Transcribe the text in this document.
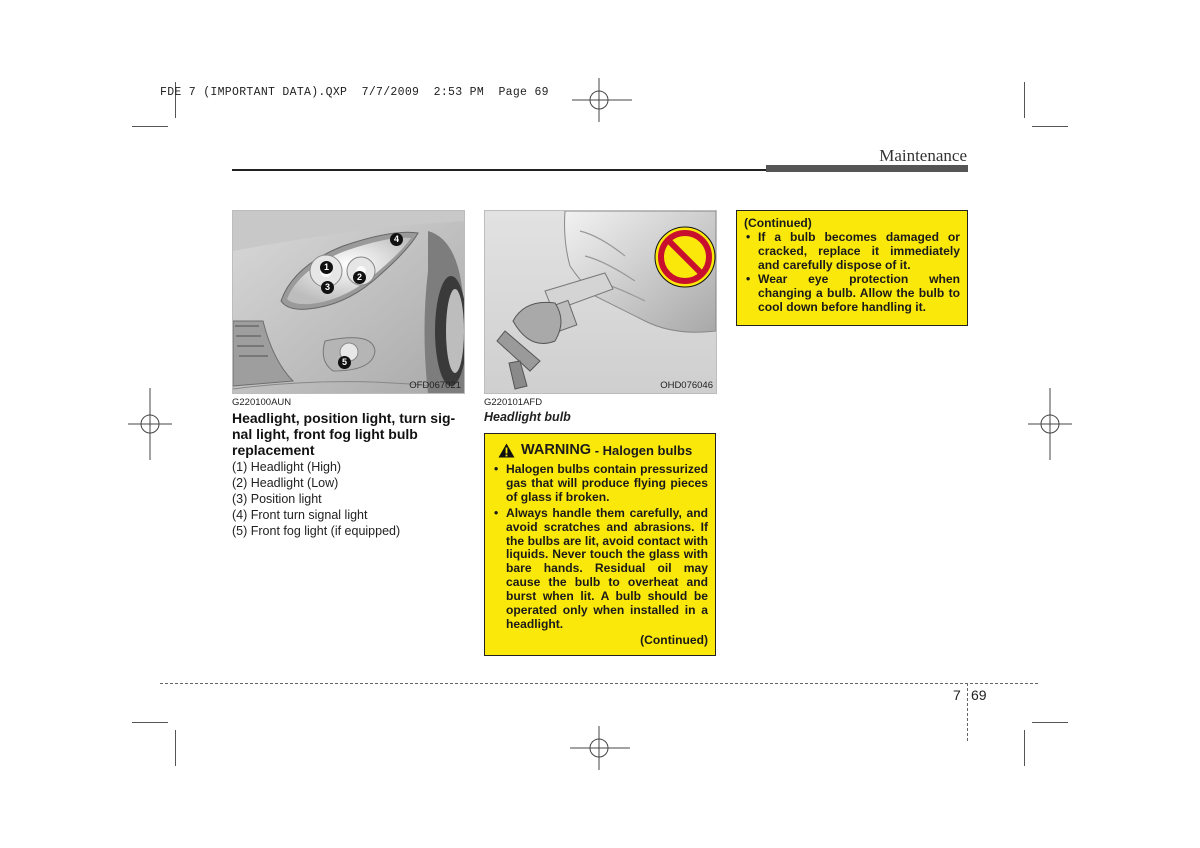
FDE 7 (IMPORTANT DATA).QXP  7/7/2009  2:53 PM  Page 69
Maintenance
1
2
3
4
5
OFD067021	OHD076046
G220100AUN
Headlight, position light, turn sig-
nal light, front fog light bulb
replacement
(1) Headlight (High)
(2) Headlight (Low)
(3) Position light
(4) Front turn signal light
(5) Front fog light (if equipped)
G220101AFD
Headlight bulb
WARNING - Halogen bulbs
• Halogen bulbs contain pressurized gas that will produce flying pieces of glass if broken.
• Always handle them carefully, and avoid scratches and abrasions. If the bulbs are lit, avoid contact with liquids. Never touch the glass with bare hands. Residual oil may cause the bulb to overheat and burst when lit. A bulb should be operated only when installed in a headlight.
(Continued)
(Continued)
• If a bulb becomes damaged or cracked, replace it immediately and carefully dispose of it.
• Wear eye protection when changing a bulb. Allow the bulb to cool down before handling it.
7 69
